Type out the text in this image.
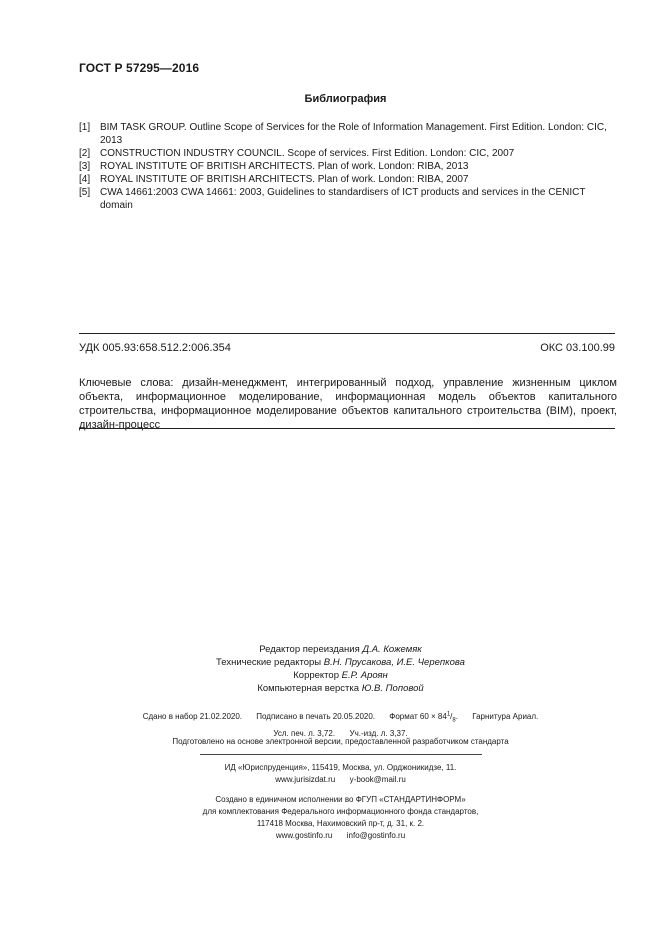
ГОСТ Р 57295—2016
Библиография
[1] BIM TASK GROUP. Outline Scope of Services for the Role of Information Management. First Edition. London: CIC, 2013
[2] CONSTRUCTION INDUSTRY COUNCIL. Scope of services. First Edition. London: CIC, 2007
[3] ROYAL INSTITUTE OF BRITISH ARCHITECTS. Plan of work. London: RIBA, 2013
[4] ROYAL INSTITUTE OF BRITISH ARCHITECTS. Plan of work. London: RIBA, 2007
[5] CWA 14661:2003 CWA 14661: 2003, Guidelines to standardisers of ICT products and services in the CENICT domain
УДК 005.93:658.512.2:006.354	ОКС 03.100.99
Ключевые слова: дизайн-менеджмент, интегрированный подход, управление жизненным циклом объекта, информационное моделирование, информационная модель объектов капитального строительства, информационное моделирование объектов капитального строительства (BIM), проект, дизайн-процесс
Редактор переиздания Д.А. Кожемяк
Технические редакторы В.Н. Прусакова, И.Е. Черепкова
Корректор Е.Р. Ароян
Компьютерная верстка Ю.В. Поповой
Сдано в набор 21.02.2020. Подписано в печать 20.05.2020. Формат $60 \times 84^1/_8$. Гарнитура Ариал.
Усл. печ. л. 3,72. Уч.-изд. л. 3,37.
Подготовлено на основе электронной версии, предоставленной разработчиком стандарта
ИД «Юриспруденция», 115419, Москва, ул. Орджоникидзе, 11.
www.jurisizdat.ru y-book@mail.ru
Создано в единичном исполнении во ФГУП «СТАНДАРТИНФОРМ»
для комплектования Федерального информационного фонда стандартов,
117418 Москва, Нахимовский пр-т, д. 31, к. 2.
www.gostinfo.ru info@gostinfo.ru
